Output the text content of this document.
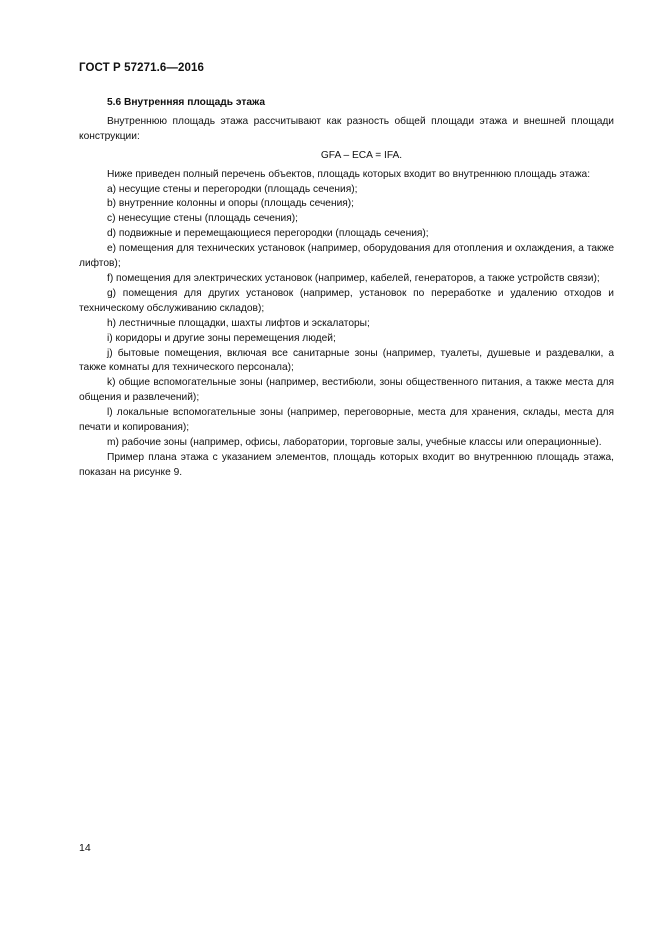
ГОСТ Р 57271.6—2016
5.6 Внутренняя площадь этажа

Внутреннюю площадь этажа рассчитывают как разность общей площади этажа и внешней площади конструкции:

GFA – ECA = IFA.

Ниже приведен полный перечень объектов, площадь которых входит во внутреннюю площадь этажа:

a) несущие стены и перегородки (площадь сечения);
b) внутренние колонны и опоры (площадь сечения);
c) ненесущие стены (площадь сечения);
d) подвижные и перемещающиеся перегородки (площадь сечения);
e) помещения для технических установок (например, оборудования для отопления и охлаждения, а также лифтов);
f) помещения для электрических установок (например, кабелей, генераторов, а также устройств связи);
g) помещения для других установок (например, установок по переработке и удалению отходов и техническому обслуживанию складов);
h) лестничные площадки, шахты лифтов и эскалаторы;
i) коридоры и другие зоны перемещения людей;
j) бытовые помещения, включая все санитарные зоны (например, туалеты, душевые и раздевалки, а также комнаты для технического персонала);
k) общие вспомогательные зоны (например, вестибюли, зоны общественного питания, а также места для общения и развлечений);
l) локальные вспомогательные зоны (например, переговорные, места для хранения, склады, места для печати и копирования);
m) рабочие зоны (например, офисы, лаборатории, торговые залы, учебные классы или операционные).

Пример плана этажа с указанием элементов, площадь которых входит во внутреннюю площадь этажа, показан на рисунке 9.

14
